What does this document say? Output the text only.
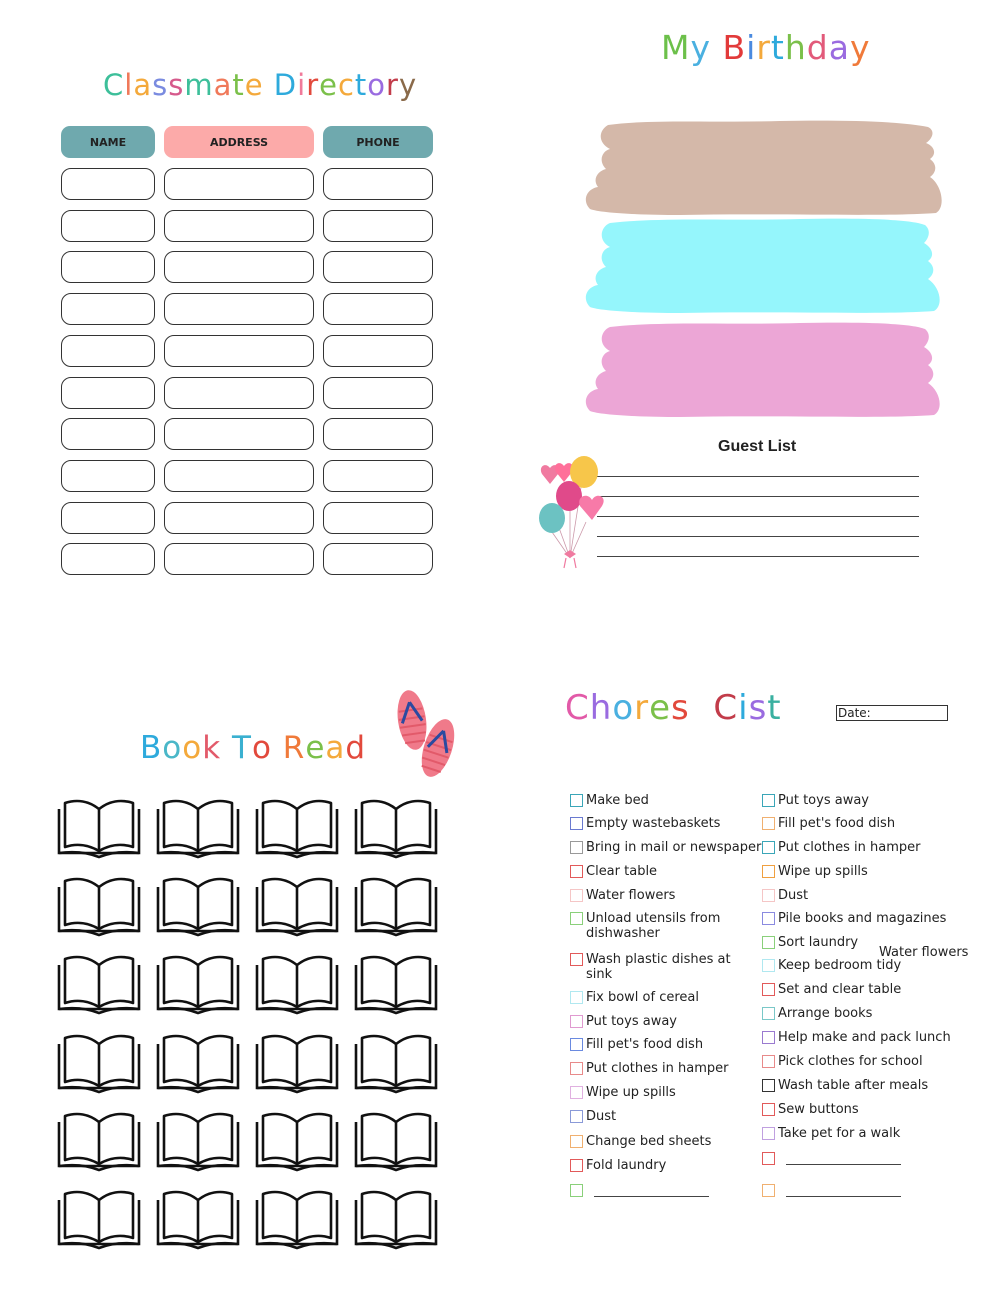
Classmate Directory
NAME	ADDRESS	PHONE
My Birthday
Guest List
Book To Read
Chores Cist	Date:
Make bed
Empty wastebaskets
Bring in mail or newspaper
Clear table
Water flowers
Unload utensils from
dishwasher
Wash plastic dishes at
sink
Fix bowl of cereal
Put toys away
Fill pet's food dish
Put clothes in hamper
Wipe up spills
Dust
Change bed sheets
Fold laundry
Put toys away
Fill pet's food dish
Put clothes in hamper
Wipe up spills
Dust
Pile books and magazines
Sort laundry
Keep bedroom tidy
Set and clear table
Arrange books
Help make and pack lunch
Pick clothes for school
Wash table after meals
Sew buttons
Take pet for a walk
Water flowers
